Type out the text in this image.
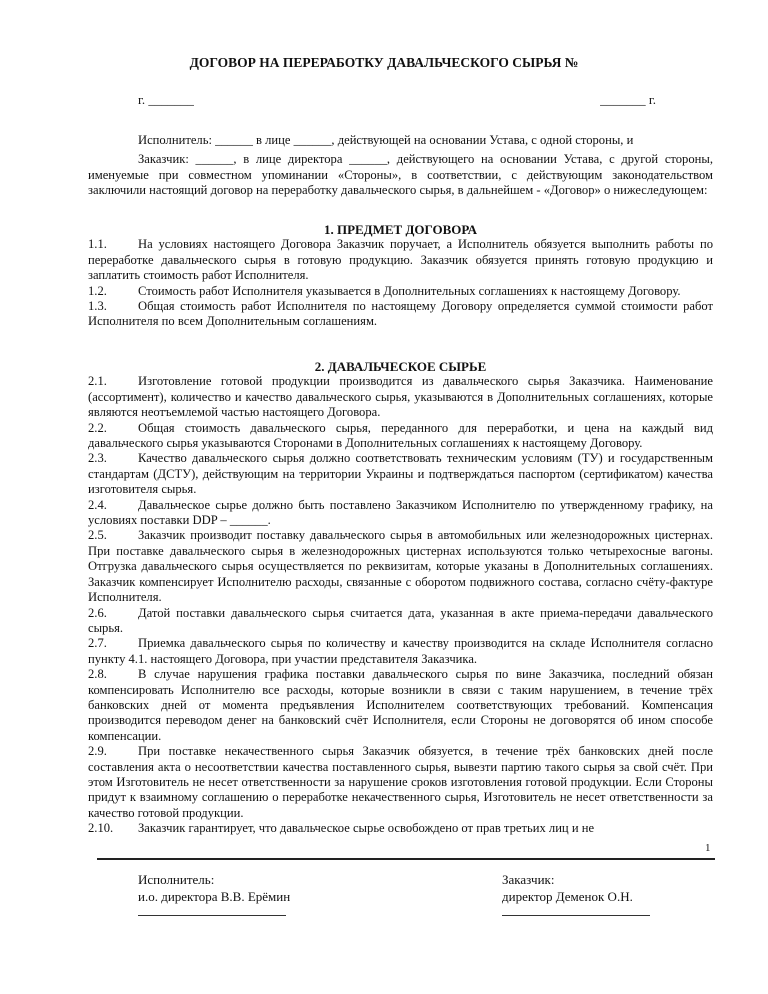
ДОГОВОР НА ПЕРЕРАБОТКУ ДАВАЛЬЧЕСКОГО СЫРЬЯ №
г. _______	_______ г.

Исполнитель: ______ в лице ______, действующей на основании Устава, с одной стороны, и

Заказчик: ______, в лице директора ______, действующего на основании Устава, с другой стороны, именуемые при совместном упоминании «Стороны», в соответствии, с действующим законодательством заключили настоящий договор на переработку давальческого сырья, в дальнейшем - «Договор» о нижеследующем:

1. ПРЕДМЕТ ДОГОВОРА

1.1. На условиях настоящего Договора Заказчик поручает, а Исполнитель обязуется выполнить работы по переработке давальческого сырья в готовую продукцию. Заказчик обязуется принять готовую продукцию и заплатить стоимость работ Исполнителя.

1.2. Стоимость работ Исполнителя указывается в Дополнительных соглашениях к настоящему Договору.

1.3. Общая стоимость работ Исполнителя по настоящему Договору определяется суммой стоимости работ Исполнителя по всем Дополнительным соглашениям.

2. ДАВАЛЬЧЕСКОЕ СЫРЬЕ

2.1. Изготовление готовой продукции производится из давальческого сырья Заказчика. Наименование (ассортимент), количество и качество давальческого сырья, указываются в Дополнительных соглашениях, которые являются неотъемлемой частью настоящего Договора.

2.2. Общая стоимость давальческого сырья, переданного для переработки, и цена на каждый вид давальческого сырья указываются Сторонами в Дополнительных соглашениях к настоящему Договору.

2.3. Качество давальческого сырья должно соответствовать техническим условиям (ТУ) и государственным стандартам (ДСТУ), действующим на территории Украины и подтверждаться паспортом (сертификатом) качества изготовителя сырья.

2.4. Давальческое сырье должно быть поставлено Заказчиком Исполнителю по утвержденному графику, на условиях поставки DDP – ______.

2.5. Заказчик производит поставку давальческого сырья в автомобильных или железнодорожных цистернах. При поставке давальческого сырья в железнодорожных цистернах используются только четырехосные вагоны. Отгрузка давальческого сырья осуществляется по реквизитам, которые указаны в Дополнительных соглашениях. Заказчик компенсирует Исполнителю расходы, связанные с оборотом подвижного состава, согласно счёту-фактуре Исполнителя.

2.6. Датой поставки давальческого сырья считается дата, указанная в акте приема-передачи давальческого сырья.

2.7. Приемка давальческого сырья по количеству и качеству производится на складе Исполнителя согласно пункту 4.1. настоящего Договора, при участии представителя Заказчика.

2.8. В случае нарушения графика поставки давальческого сырья по вине Заказчика, последний обязан компенсировать Исполнителю все расходы, которые возникли в связи с таким нарушением, в течение трёх банковских дней от момента предъявления Исполнителем соответствующих требований. Компенсация производится переводом денег на банковский счёт Исполнителя, если Стороны не договорятся об ином способе компенсации.

2.9. При поставке некачественного сырья Заказчик обязуется, в течение трёх банковских дней после составления акта о несоответствии качества поставленного сырья, вывезти партию такого сырья за свой счёт. При этом Изготовитель не несет ответственности за нарушение сроков изготовления готовой продукции. Если Стороны придут к взаимному соглашению о переработке некачественного сырья, Изготовитель не несет ответственности за качество готовой продукции.

2.10. Заказчик гарантирует, что давальческое сырье освобождено от прав третьих лиц и не

1
Исполнитель:
и.о. директора В.В. Ерёмин
Заказчик:
директор Деменок О.Н.
